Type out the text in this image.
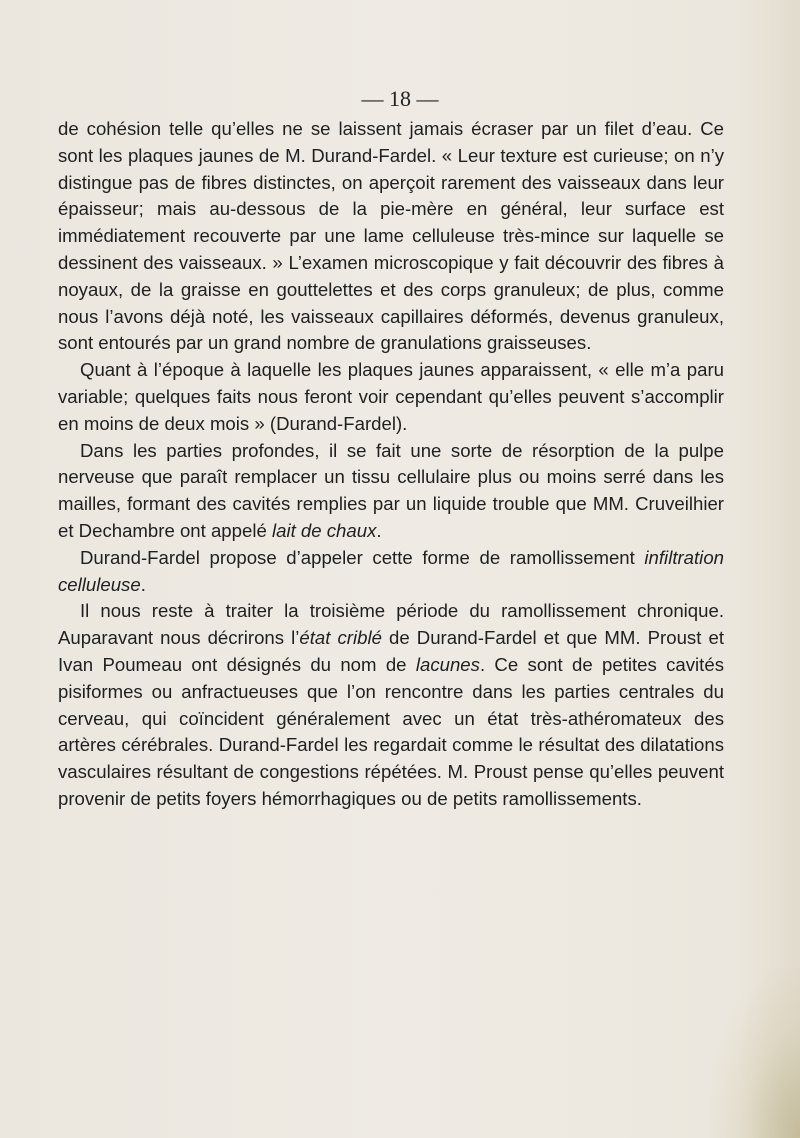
— 18 —

de cohésion telle qu’elles ne se laissent jamais écraser par un filet d’eau. Ce sont les plaques jaunes de M. Durand-Fardel. « Leur texture est curieuse; on n’y distingue pas de fibres distinctes, on aperçoit rarement des vaisseaux dans leur épaisseur; mais au-dessous de la pie-mère en général, leur surface est immédiatement recouverte par une lame celluleuse très-mince sur laquelle se dessinent des vaisseaux. » L’examen microscopique y fait découvrir des fibres à noyaux, de la graisse en gouttelettes et des corps granuleux; de plus, comme nous l’avons déjà noté, les vaisseaux capillaires déformés, devenus granuleux, sont entourés par un grand nombre de granulations graisseuses.

Quant à l’époque à laquelle les plaques jaunes apparaissent, « elle m’a paru variable; quelques faits nous feront voir cependant qu’elles peuvent s’accomplir en moins de deux mois » (Durand-Fardel).

Dans les parties profondes, il se fait une sorte de résorption de la pulpe nerveuse que paraît remplacer un tissu cellulaire plus ou moins serré dans les mailles, formant des cavités remplies par un liquide trouble que MM. Cruveilhier et Dechambre ont appelé lait de chaux.

Durand-Fardel propose d’appeler cette forme de ramollissement infiltration celluleuse.

Il nous reste à traiter la troisième période du ramollissement chronique. Auparavant nous décrirons l’état criblé de Durand-Fardel et que MM. Proust et Ivan Poumeau ont désignés du nom de lacunes. Ce sont de petites cavités pisiformes ou anfractueuses que l’on rencontre dans les parties centrales du cerveau, qui coïncident généralement avec un état très-athéromateux des artères cérébrales. Durand-Fardel les regardait comme le résultat des dilatations vasculaires résultant de congestions répétées. M. Proust pense qu’elles peuvent provenir de petits foyers hémorrhagiques ou de petits ramollissements.
